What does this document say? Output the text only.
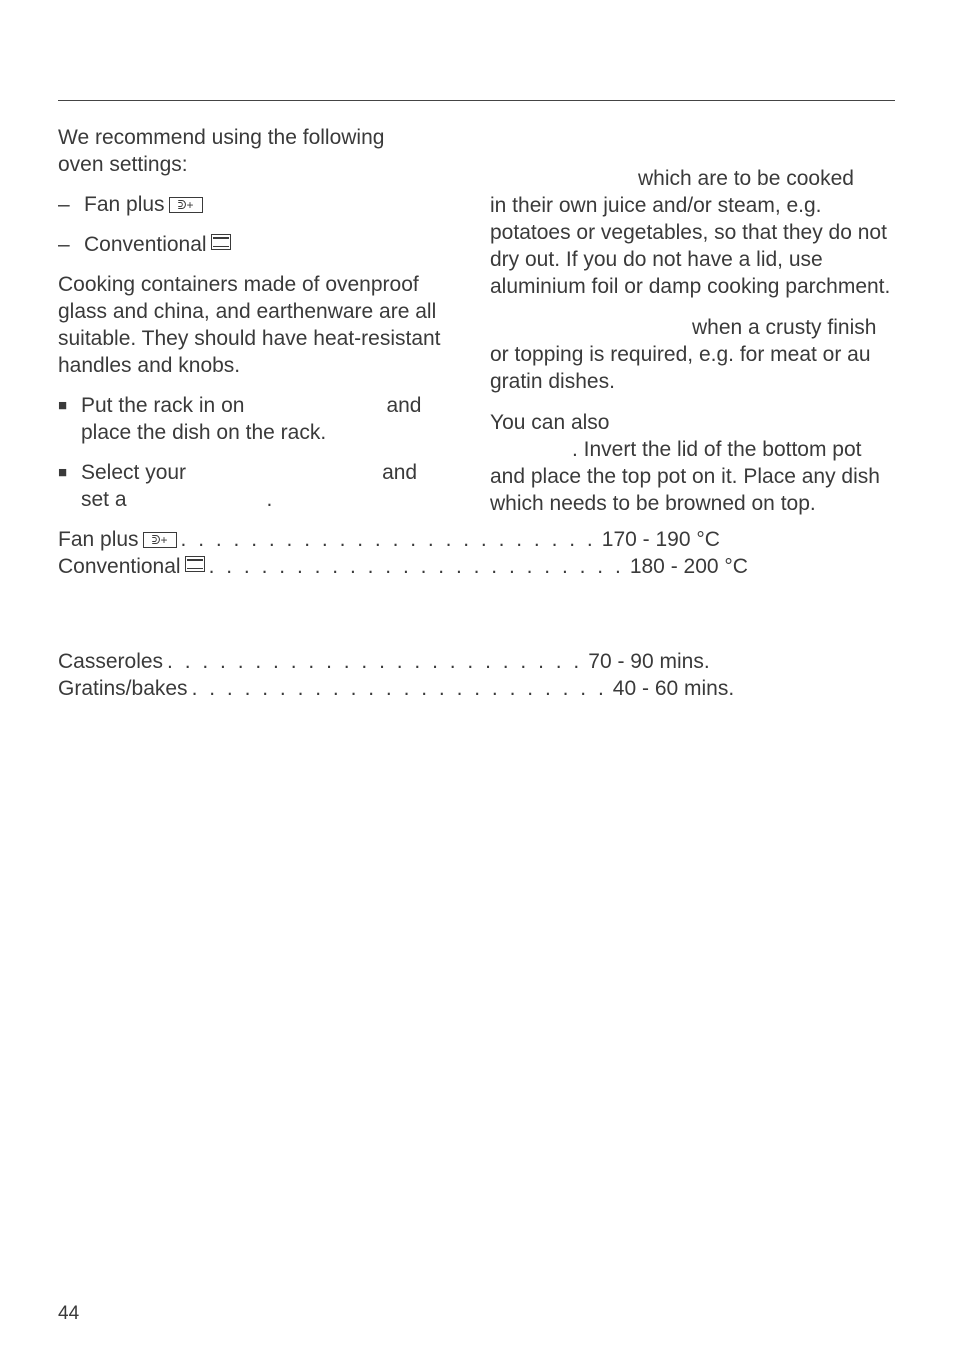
We recommend using the following
oven settings:

– Fan plus ᕲ+
– Conventional

Cooking containers made of ovenproof glass and china, and earthenware are all suitable. They should have heat-resistant handles and knobs.

■ Put the rack in on	and
place the dish on the rack.
■ Select your	and
set a	.
Fan plus ᕲ+ . . . . . . . . . . . . . . . . . . . . . . . . 170 - 190 °C
Conventional	. . . . . . . . . . . . . . . . . . . . . . . . 180 - 200 °C
Casseroles . . . . . . . . . . . . . . . . . . . . . . . . 70 - 90 mins.
Gratins/bakes . . . . . . . . . . . . . . . . . . . . . . . . 40 - 60 mins.

which are to be cooked
in their own juice and/or steam, e.g. potatoes or vegetables, so that they do not dry out. If you do not have a lid, use aluminium foil or damp cooking parchment.

when a crusty finish
or topping is required, e.g. for meat or au gratin dishes.

You can also
. Invert the lid of the bottom pot
and place the top pot on it. Place any dish which needs to be browned on top.

44
